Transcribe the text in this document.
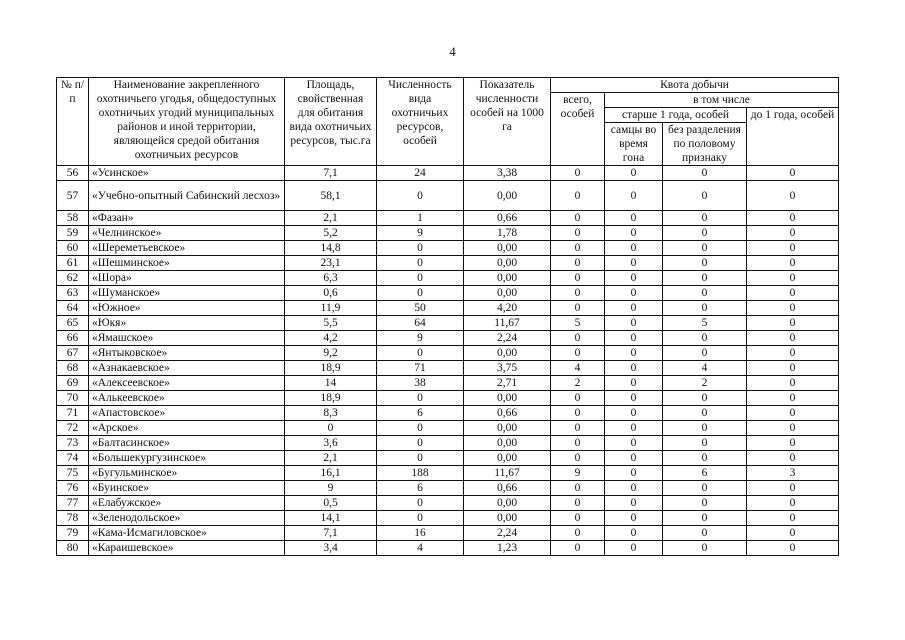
4
№ п/п	Наименование закрепленного охотничьего угодья, общедоступных охотничьих угодий муниципальных районов и иной территории, являющейся средой обитания охотничьих ресурсов	Площадь, свойственная для обитания вида охотничьих ресурсов, тыс.га	Численность вида охотничьих ресурсов, особей	Показатель численности особей на 1000 га	Квота добычи			
					всего, особей	в том числе		
						старше 1 года, особей		до 1 года, особей
						самцы во время гона	без разделения по половому признаку	
56	«Усинское»	7,1	24	3,38	0	0	0	0
57	«Учебно-опытный Сабинский лесхоз»	58,1	0	0,00	0	0	0	0
58	«Фазан»	2,1	1	0,66	0	0	0	0
59	«Челнинское»	5,2	9	1,78	0	0	0	0
60	«Шереметьевское»	14,8	0	0,00	0	0	0	0
61	«Шешминское»	23,1	0	0,00	0	0	0	0
62	«Шора»	6,3	0	0,00	0	0	0	0
63	«Шуманское»	0,6	0	0,00	0	0	0	0
64	«Южное»	11,9	50	4,20	0	0	0	0
65	«Юкя»	5,5	64	11,67	5	0	5	0
66	«Ямашское»	4,2	9	2,24	0	0	0	0
67	«Янтыковское»	9,2	0	0,00	0	0	0	0
68	«Азнакаевское»	18,9	71	3,75	4	0	4	0
69	«Алексеевское»	14	38	2,71	2	0	2	0
70	«Алькеевское»	18,9	0	0,00	0	0	0	0
71	«Апастовское»	8,3	6	0,66	0	0	0	0
72	«Арское»	0	0	0,00	0	0	0	0
73	«Балтасинское»	3,6	0	0,00	0	0	0	0
74	«Большекургузинское»	2,1	0	0,00	0	0	0	0
75	«Бугульминское»	16,1	188	11,67	9	0	6	3
76	«Буинское»	9	6	0,66	0	0	0	0
77	«Елабужское»	0,5	0	0,00	0	0	0	0
78	«Зеленодольское»	14,1	0	0,00	0	0	0	0
79	«Кама-Исмагиловское»	7,1	16	2,24	0	0	0	0
80	«Караишевское»	3,4	4	1,23	0	0	0	0
